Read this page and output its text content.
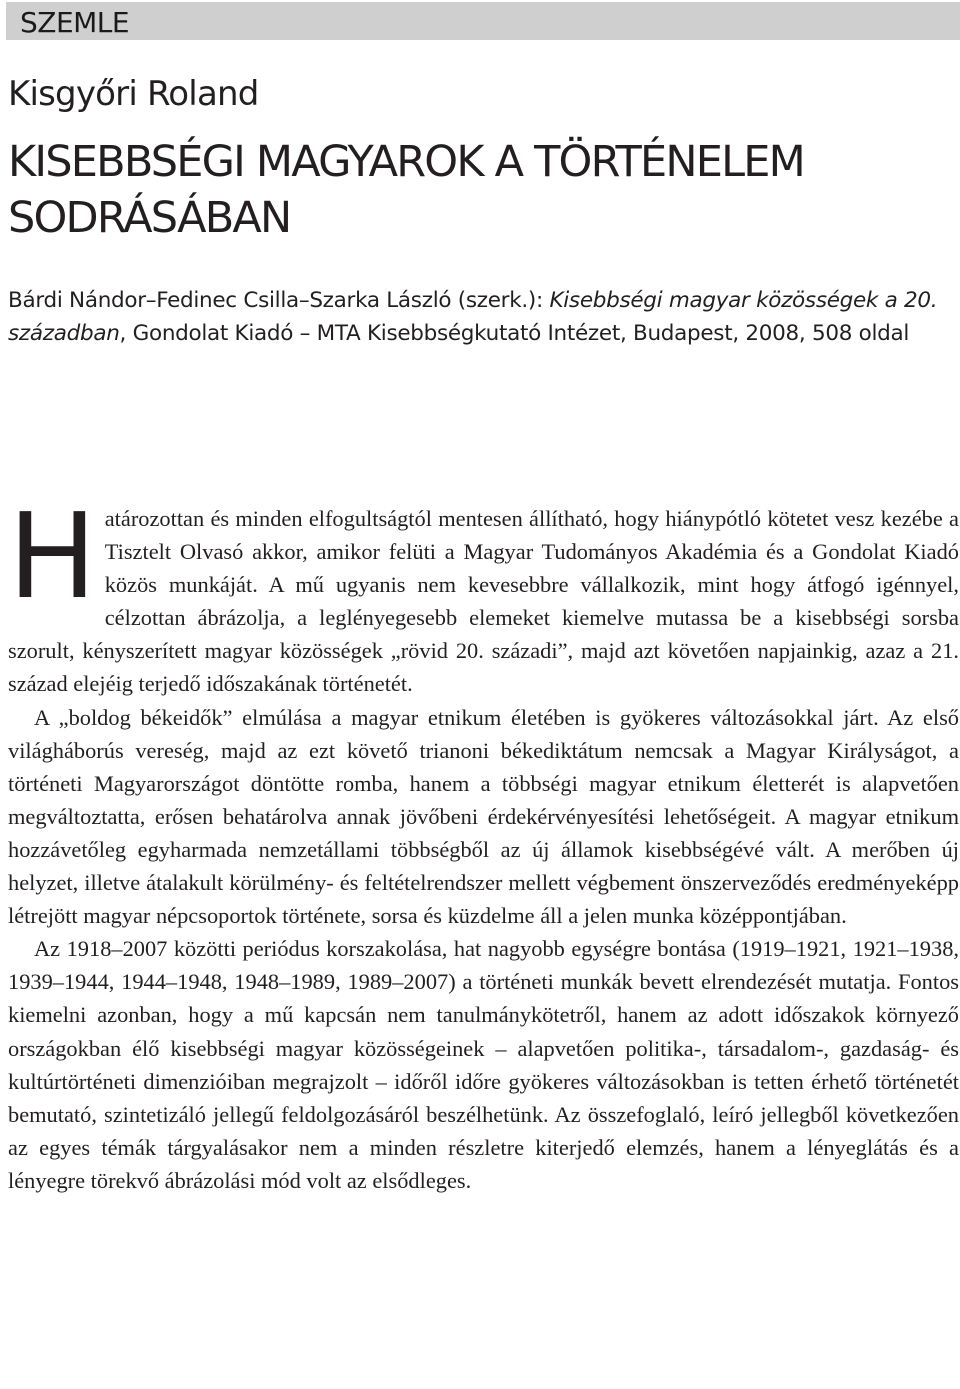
SZEMLE
Kisgyőri Roland
KISEBBSÉGI MAGYAROK A TÖRTÉNELEM SODRÁSÁBAN

Bárdi Nándor–Fedinec Csilla–Szarka László (szerk.): Kisebbségi magyar közösségek a 20. században, Gondolat Kiadó – MTA Kisebbségkutató Intézet, Budapest, 2008, 508 oldal

Határozottan és minden elfogultságtól mentesen állítható, hogy hiánypótló kötetet vesz kezébe a Tisztelt Olvasó akkor, amikor felüti a Magyar Tudományos Akadémia és a Gondolat Kiadó közös munkáját. A mű ugyanis nem kevesebbre vállalkozik, mint hogy átfogó igénnyel, célzottan ábrázolja, a leglényegesebb elemeket kiemelve mutassa be a kisebbségi sorsba szorult, kényszerített magyar közösségek „rövid 20. századi”, majd azt követően napjainkig, azaz a 21. század elejéig terjedő időszakának történetét.

A „boldog békeidők” elmúlása a magyar etnikum életében is gyökeres változásokkal járt. Az első világháborús vereség, majd az ezt követő trianoni békediktátum nemcsak a Magyar Királyságot, a történeti Magyarországot döntötte romba, hanem a többségi magyar etnikum életterét is alapvetően megváltoztatta, erősen behatárolva annak jövőbeni érdekérvényesítési lehetőségeit. A magyar etnikum hozzávetőleg egyharmada nemzetállami többségből az új államok kisebbségévé vált. A merőben új helyzet, illetve átalakult körülmény- és feltételrendszer mellett végbement önszerveződés eredményeképp létrejött magyar népcsoportok története, sorsa és küzdelme áll a jelen munka középpontjában.

Az 1918–2007 közötti periódus korszakolása, hat nagyobb egységre bontása (1919–1921, 1921–1938, 1939–1944, 1944–1948, 1948–1989, 1989–2007) a történeti munkák bevett elrendezését mutatja. Fontos kiemelni azonban, hogy a mű kapcsán nem tanulmánykötetről, hanem az adott időszakok környező országokban élő kisebbségi magyar közösségeinek – alapvetően politika-, társadalom-, gazdaság- és kultúrtörténeti dimenzióiban megrajzolt – időről időre gyökeres változásokban is tetten érhető történetét bemutató, szintetizáló jellegű feldolgozásáról beszélhetünk. Az összefoglaló, leíró jellegből következően az egyes témák tárgyalásakor nem a minden részletre kiterjedő elemzés, hanem a lényeglátás és a lényegre törekvő ábrázolási mód volt az elsődleges.
